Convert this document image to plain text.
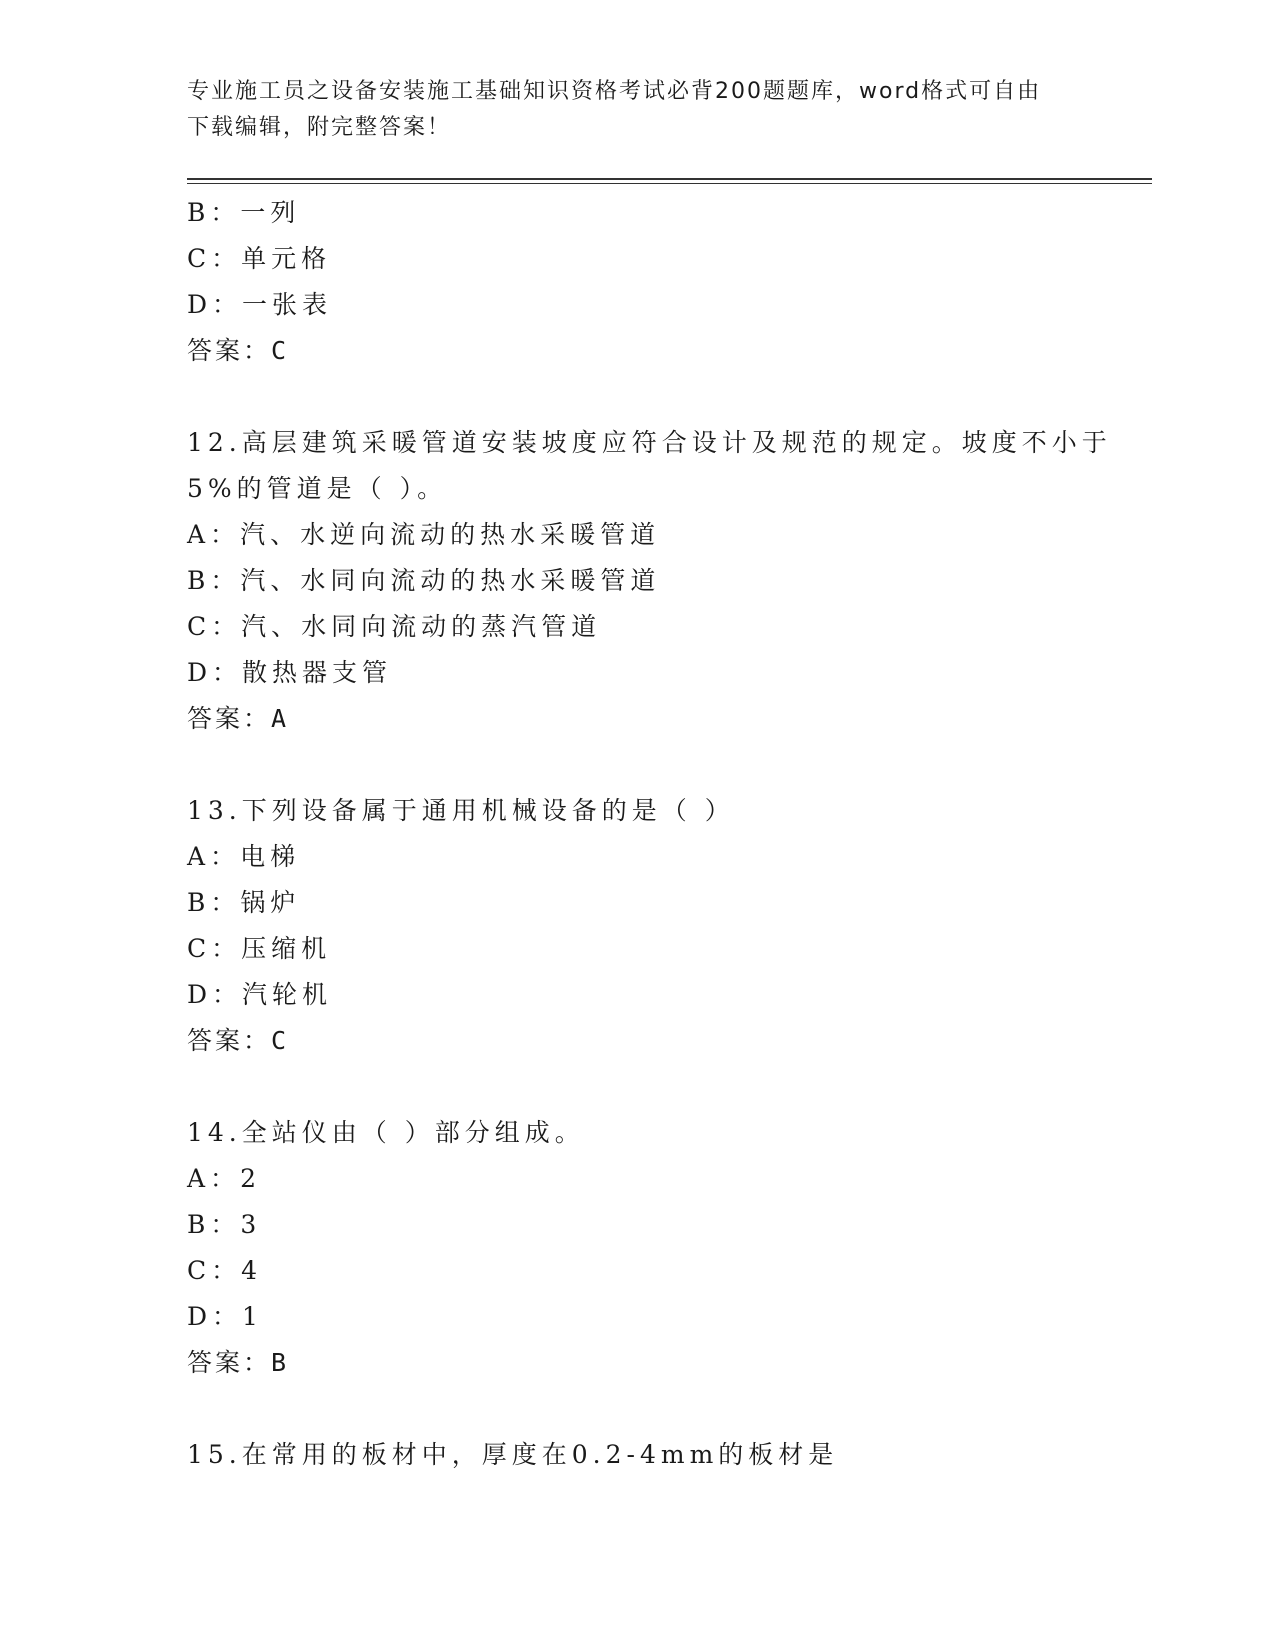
专业施工员之设备安装施工基础知识资格考试必背200题题库，word格式可自由
下载编辑，附完整答案！
B：一列
C：单元格
D：一张表
答案：C
12.高层建筑采暖管道安装坡度应符合设计及规范的规定。坡度不小于
5%的管道是（ ）。
A：汽、水逆向流动的热水采暖管道
B：汽、水同向流动的热水采暖管道
C：汽、水同向流动的蒸汽管道
D：散热器支管
答案：A
13.下列设备属于通用机械设备的是（ ）
A：电梯
B：锅炉
C：压缩机
D：汽轮机
答案：C
14.全站仪由（ ）部分组成。
A：2
B：3
C：4
D：1
答案：B
15.在常用的板材中，厚度在0.2-4mm的板材是
